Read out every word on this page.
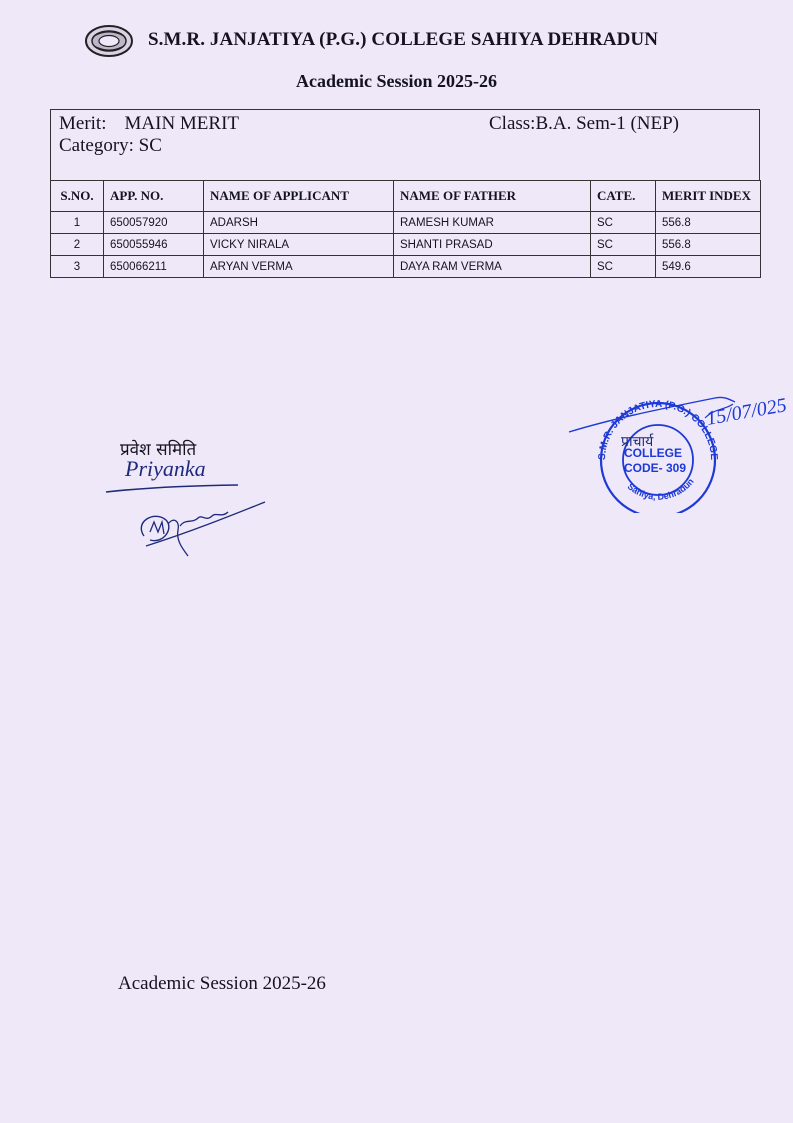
S.M.R. JANJATIYA (P.G.) COLLEGE SAHIYA DEHRADUN
Academic Session 2025-26
Merit: MAIN MERIT	Class:B.A. Sem-1 (NEP)
Category: SC
S.NO.	APP. NO.	NAME OF APPLICANT	NAME OF FATHER	CATE.	MERIT INDEX
1	650057920	ADARSH	RAMESH KUMAR	SC	556.8
2	650055946	VICKY NIRALA	SHANTI PRASAD	SC	556.8
3	650066211	ARYAN VERMA	DAYA RAM VERMA	SC	549.6
प्रवेश समिति
Priyanka	S.M.R. JANJATIYA (P.G.) COLLEGE
Sahiya, Dehradun
प्राचार्य
COLLEGE
CODE- 309
15/07/025
Academic Session 2025-26
